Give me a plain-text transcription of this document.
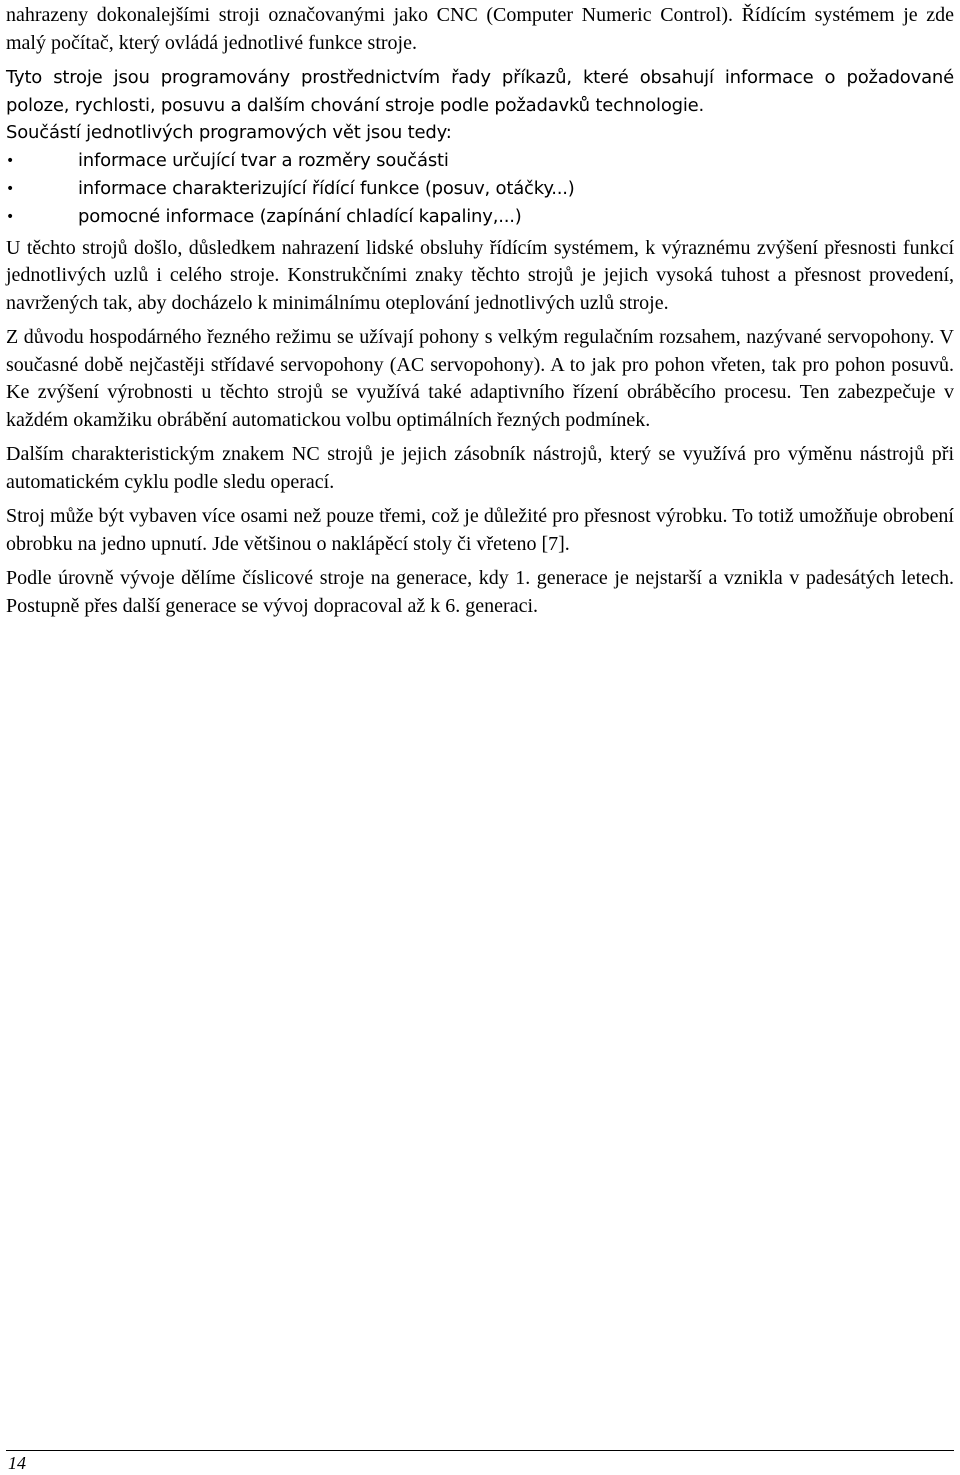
nahrazeny dokonalejšími stroji označovanými jako CNC (Computer Numeric Control). Řídícím systémem je zde malý počítač, který ovládá jednotlivé funkce stroje.

Tyto stroje jsou programovány prostřednictvím řady příkazů, které obsahují informace o požadované poloze, rychlosti, posuvu a dalším chování stroje podle požadavků technologie.

Součástí jednotlivých programových vět jsou tedy:

•	informace určující tvar a rozměry součásti
•	informace charakterizující řídící funkce (posuv, otáčky...)
•	pomocné informace (zapínání chladící kapaliny,...)

U těchto strojů došlo, důsledkem nahrazení lidské obsluhy řídícím systémem, k výraznému zvýšení přesnosti funkcí jednotlivých uzlů i celého stroje. Konstrukčními znaky těchto strojů je jejich vysoká tuhost a přesnost provedení, navržených tak, aby docházelo k minimálnímu oteplování jednotlivých uzlů stroje.

Z důvodu hospodárného řezného režimu se užívají pohony s velkým regulačním rozsahem, nazývané servopohony. V současné době nejčastěji střídavé servopohony (AC servopohony). A to jak pro pohon vřeten, tak pro pohon posuvů. Ke zvýšení výrobnosti u těchto strojů se využívá také adaptivního řízení obráběcího procesu. Ten zabezpečuje v každém okamžiku obrábění automatickou volbu optimálních řezných podmínek.

Dalším charakteristickým znakem NC strojů je jejich zásobník nástrojů, který se využívá pro výměnu nástrojů při automatickém cyklu podle sledu operací.

Stroj může být vybaven více osami než pouze třemi, což je důležité pro přesnost výrobku. To totiž umožňuje obrobení obrobku na jedno upnutí. Jde většinou o naklápěcí stoly či vřeteno [7].

Podle úrovně vývoje dělíme číslicové stroje na generace, kdy 1. generace je nejstarší a vznikla v padesátých letech. Postupně přes další generace se vývoj dopracoval až k 6. generaci.

14
